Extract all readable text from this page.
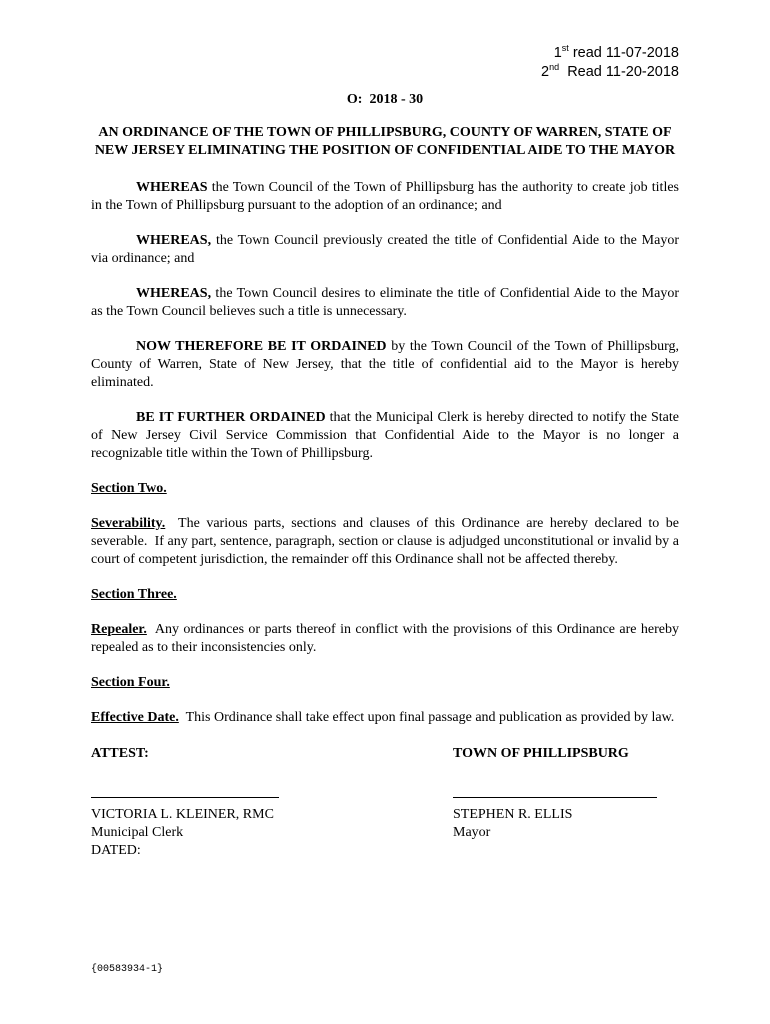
1st read 11-07-2018
2nd  Read 11-20-2018
O:  2018 - 30
AN ORDINANCE OF THE TOWN OF PHILLIPSBURG, COUNTY OF WARREN, STATE OF NEW JERSEY ELIMINATING THE POSITION OF CONFIDENTIAL AIDE TO THE MAYOR

WHEREAS the Town Council of the Town of Phillipsburg has the authority to create job titles in the Town of Phillipsburg pursuant to the adoption of an ordinance; and

WHEREAS, the Town Council previously created the title of Confidential Aide to the Mayor via ordinance; and

WHEREAS, the Town Council desires to eliminate the title of Confidential Aide to the Mayor as the Town Council believes such a title is unnecessary.

NOW THEREFORE BE IT ORDAINED by the Town Council of the Town of Phillipsburg, County of Warren, State of New Jersey, that the title of confidential aid to the Mayor is hereby eliminated.

BE IT FURTHER ORDAINED that the Municipal Clerk is hereby directed to notify the State of New Jersey Civil Service Commission that Confidential Aide to the Mayor is no longer a recognizable title within the Town of Phillipsburg.

Section Two.

Severability.  The various parts, sections and clauses of this Ordinance are hereby declared to be severable.  If any part, sentence, paragraph, section or clause is adjudged unconstitutional or invalid by a court of competent jurisdiction, the remainder off this Ordinance shall not be affected thereby.

Section Three.

Repealer.  Any ordinances or parts thereof in conflict with the provisions of this Ordinance are hereby repealed as to their inconsistencies only.

Section Four.

Effective Date.  This Ordinance shall take effect upon final passage and publication as provided by law.

ATTEST:
VICTORIA L. KLEINER, RMC
Municipal Clerk
DATED:
TOWN OF PHILLIPSBURG
STEPHEN R. ELLIS
Mayor
{00583934-1}
